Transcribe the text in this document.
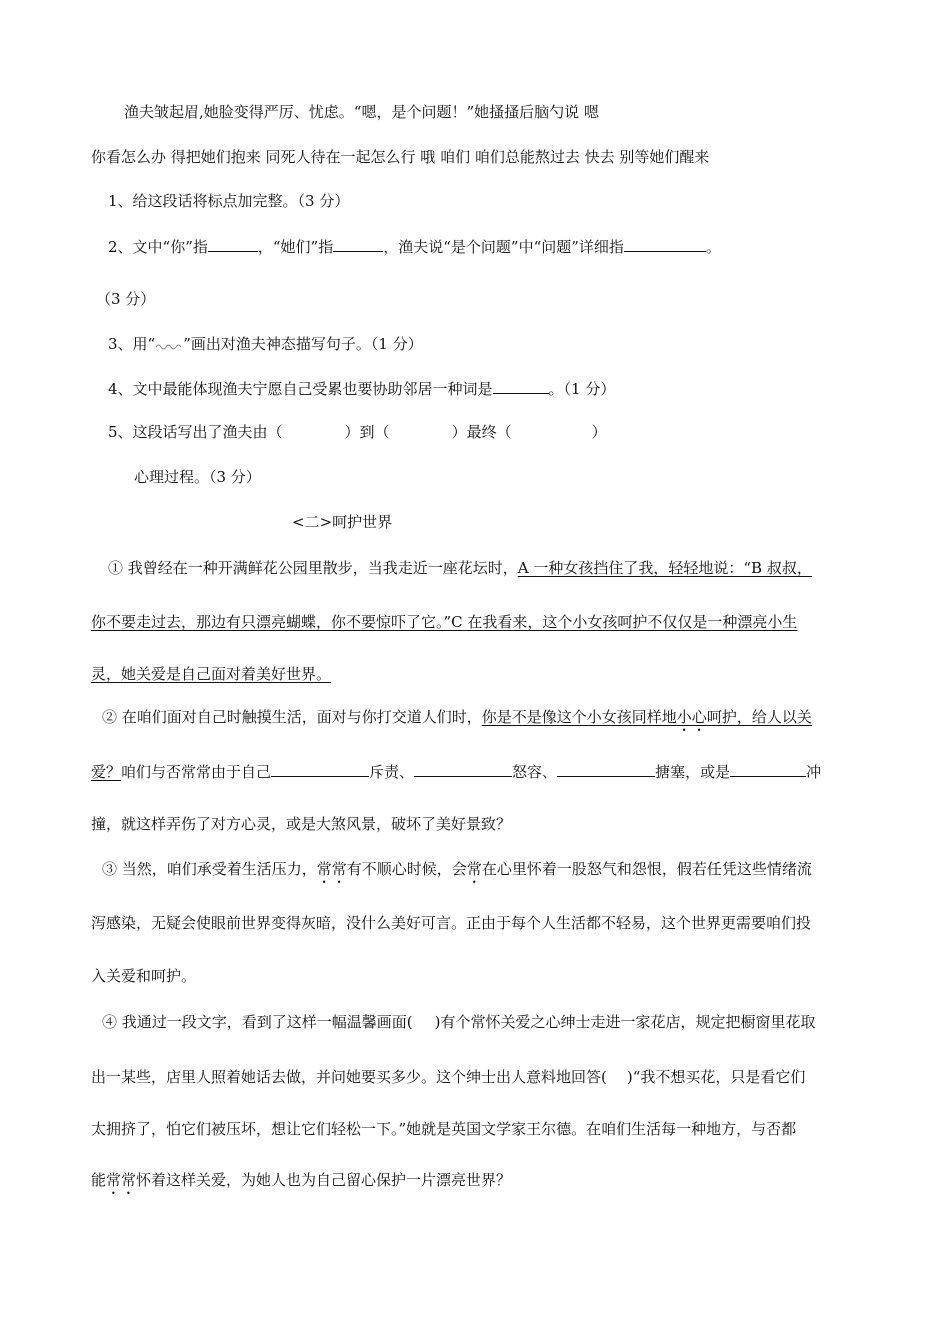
渔夫皱起眉,她脸变得严厉、忧虑。“嗯，是个问题！”她搔搔后脑勺说 嗯
你看怎么办 得把她们抱来 同死人待在一起怎么行 哦 咱们 咱们总能熬过去 快去 别等她们醒来
1、给这段话将标点加完整。（3 分）
2、文中“你”指	，“她们”指	，渔夫说“是个问题”中“问题”详细指	。
（3 分）
3、用“ ”画出对渔夫神态描写句子。（1 分）
4、文中最能体现渔夫宁愿自己受累也要协助邻居一种词是	。（1 分）
5、这段话写出了渔夫由（	）到（	）最终（	）
心理过程。（3 分）
<二>呵护世界
① 我曾经在一种开满鲜花公园里散步，当我走近一座花坛时，A 一种女孩挡住了我，轻轻地说：“B 叔叔，
你不要走过去，那边有只漂亮蝴蝶，你不要惊吓了它。”C 在我看来，这个小女孩呵护不仅仅是一种漂亮小生
灵，她关爱是自己面对着美好世界。
② 在咱们面对自己时触摸生活，面对与你打交道人们时，你是不是像这个小女孩同样地小心呵护，给人以关
爱？咱们与否常常由于自己	斥责、	怒容、	搪塞，或是	冲
撞，就这样弄伤了对方心灵，或是大煞风景，破坏了美好景致？
③ 当然，咱们承受着生活压力，常常有不顺心时候，会常在心里怀着一股怒气和怨恨，假若任凭这些情绪流
泻感染，无疑会使眼前世界变得灰暗，没什么美好可言。正由于每个人生活都不轻易，这个世界更需要咱们投
入关爱和呵护。
④ 我通过一段文字，看到了这样一幅温馨画面( )有个常怀关爱之心绅士走进一家花店，规定把橱窗里花取
出一某些，店里人照着她话去做，并问她要买多少。这个绅士出人意料地回答( )“我不想买花，只是看它们
太拥挤了，怕它们被压坏，想让它们轻松一下。”她就是英国文学家王尔德。在咱们生活每一种地方，与否都
能常常怀着这样关爱，为她人也为自己留心保护一片漂亮世界？
